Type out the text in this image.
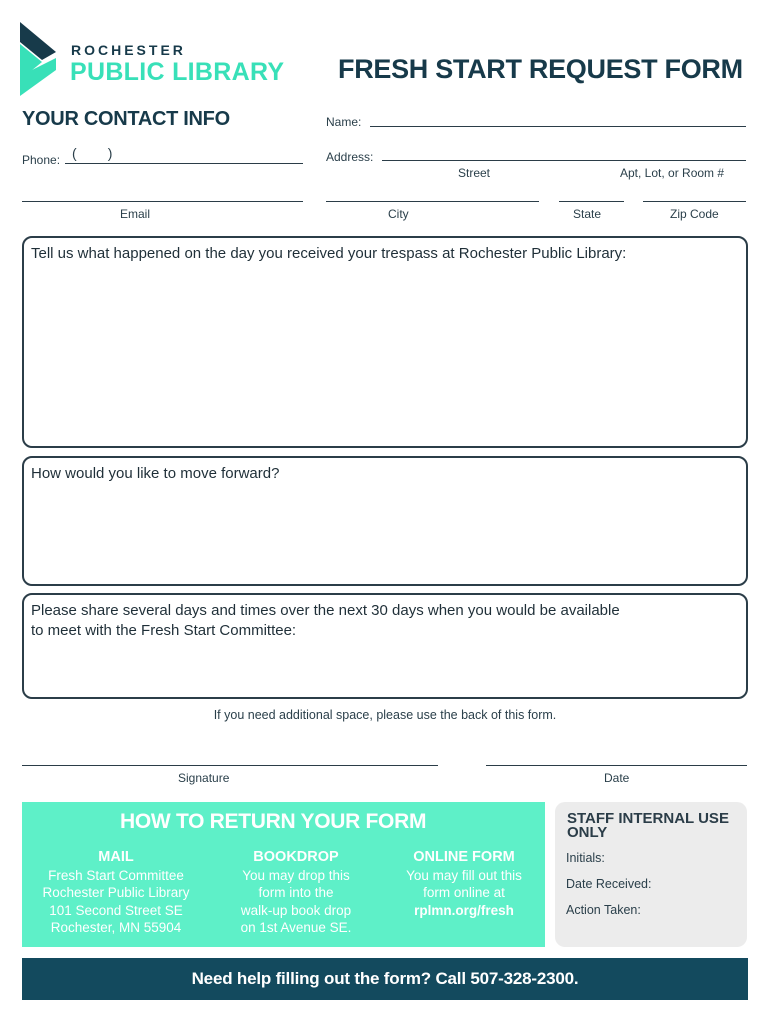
ROCHESTER
PUBLIC LIBRARY FRESH START REQUEST FORM
YOUR CONTACT INFO	Name:
Phone: (        )	Address:
Street	Apt, Lot, or Room #
Email	City	State	Zip Code
Tell us what happened on the day you received your trespass at Rochester Public Library:
How would you like to move forward?
Please share several days and times over the next 30 days when you would be available to meet with the Fresh Start Committee:
If you need additional space, please use the back of this form.
Signature	Date
HOW TO RETURN YOUR FORM
MAIL
Fresh Start Committee
Rochester Public Library
101 Second Street SE
Rochester, MN 55904
BOOKDROP
You may drop this
form into the
walk-up book drop
on 1st Avenue SE.
ONLINE FORM
You may fill out this
form online at
rplmn.org/fresh
STAFF INTERNAL USE ONLY
Initials:
Date Received:
Action Taken:
Need help filling out the form? Call 507-328-2300.
